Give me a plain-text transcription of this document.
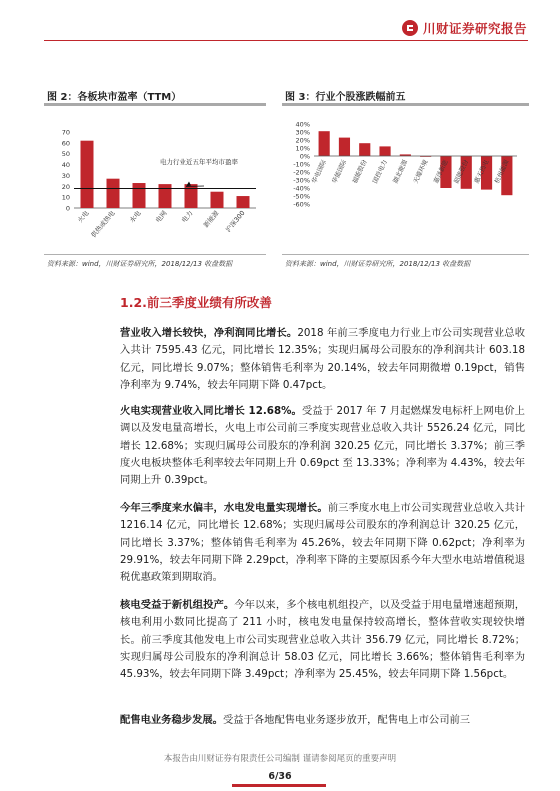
川财证券研究报告
图 2：各板块市盈率（TTM）
0
10
20
30
40
50
60
70
火电
供热或热电 水电 电网 电力 新能源 沪深300
电力行业近五年平均市盈率
资料来源：wind，川财证券研究所，2018/12/13 收盘数据
图 3：行业个股涨跌幅前五
40%
30%
20%
10%
0%
-10%
-20%
-30%
-40%
-50%
-60%
华电国际 华能国际 福能股份 国投电力 湖北能源 天壕环境 嘉泽新能 韶能股份 惠天热电 杭州能源
资料来源：wind，川财证券研究所，2018/12/13 收盘数据
1.2.前三季度业绩有所改善
营业收入增长较快，净利润同比增长。2018 年前三季度电力行业上市公司实现营业总收入共计 7595.43 亿元，同比增长 12.35%；实现归属母公司股东的净利润共计 603.18 亿元，同比增长 9.07%；整体销售毛利率为 20.14%，较去年同期微增 0.19pct，销售净利率为 9.74%，较去年同期下降 0.47pct。
火电实现营业收入同比增长 12.68%。受益于 2017 年 7 月起燃煤发电标杆上网电价上调以及发电量高增长，火电上市公司前三季度实现营业总收入共计 5526.24 亿元，同比增长 12.68%；实现归属母公司股东的净利润 320.25 亿元，同比增长 3.37%；前三季度火电板块整体毛利率较去年同期上升 0.69pct 至 13.33%；净利率为 4.43%，较去年同期上升 0.39pct。
今年三季度来水偏丰，水电发电量实现增长。前三季度水电上市公司实现营业总收入共计 1216.14 亿元，同比增长 12.68%；实现归属母公司股东的净利润总计 320.25 亿元，同比增长 3.37%；整体销售毛利率为 45.26%，较去年同期下降 0.62pct；净利率为 29.91%，较去年同期下降 2.29pct，净利率下降的主要原因系今年大型水电站增值税退税优惠政策到期取消。
核电受益于新机组投产。今年以来，多个核电机组投产，以及受益于用电量增速超预期，核电利用小数同比提高了 211 小时，核电发电量保持较高增长，整体营收实现较快增长。前三季度其他发电上市公司实现营业总收入共计 356.79 亿元，同比增长 8.72%；实现归属母公司股东的净利润总计 58.03 亿元，同比增长 3.66%；整体销售毛利率为 45.93%，较去年同期下降 3.49pct；净利率为 25.45%，较去年同期下降 1.56pct。
配售电业务稳步发展。受益于各地配售电业务逐步放开，配售电上市公司前三
本报告由川财证券有限责任公司编制 谨请参阅尾页的重要声明
6/36
